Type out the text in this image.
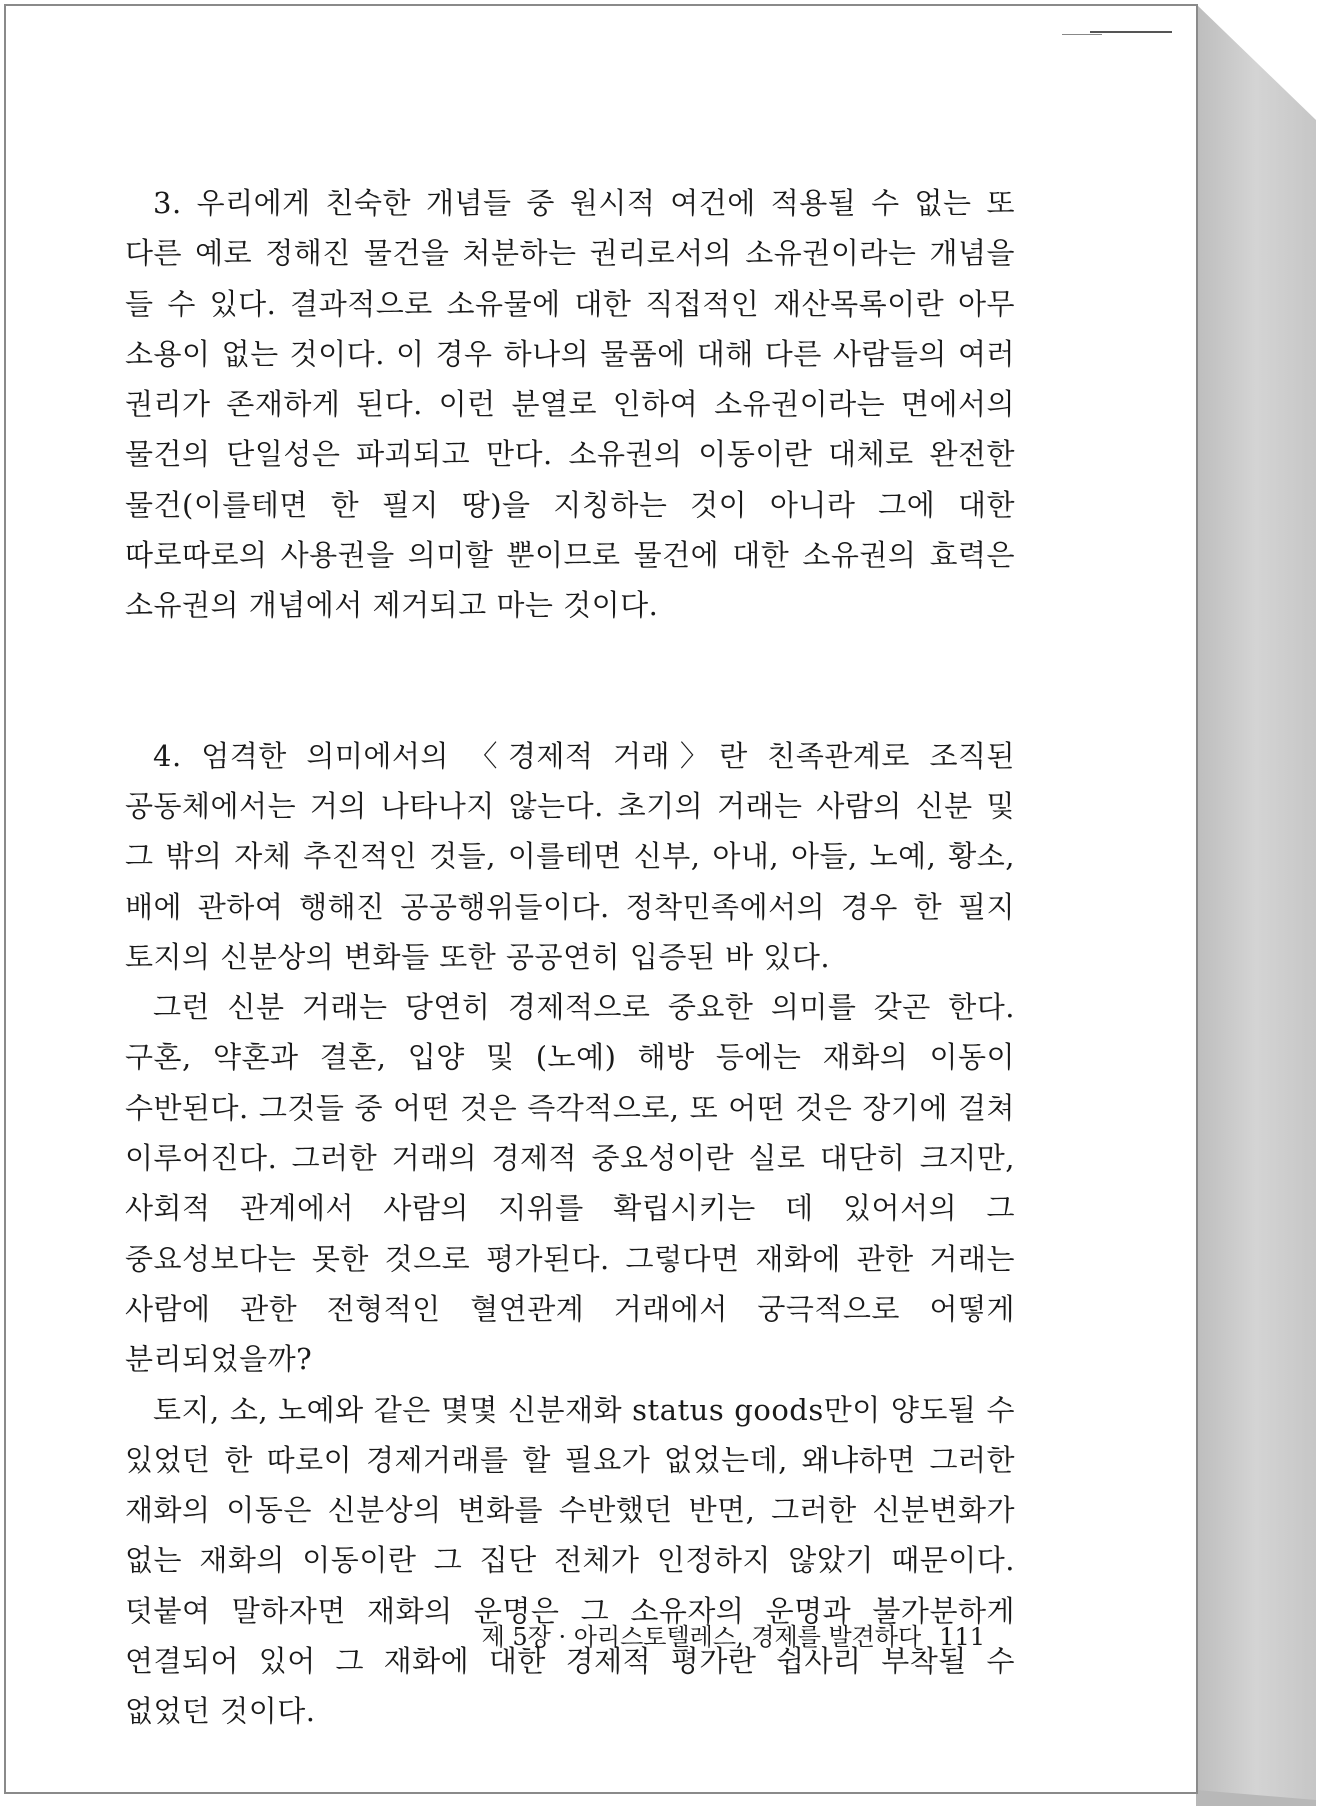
3. 우리에게 친숙한 개념들 중 원시적 여건에 적용될 수 없는 또 다른 예로 정해진 물건을 처분하는 권리로서의 소유권이라는 개념을 들 수 있다. 결과적으로 소유물에 대한 직접적인 재산목록이란 아무 소용이 없는 것이다. 이 경우 하나의 물품에 대해 다른 사람들의 여러 권리가 존재하게 된다. 이런 분열로 인하여 소유권이라는 면에서의 물건의 단일성은 파괴되고 만다. 소유권의 이동이란 대체로 완전한 물건(이를테면 한 필지 땅)을 지칭하는 것이 아니라 그에 대한 따로따로의 사용권을 의미할 뿐이므로 물건에 대한 소유권의 효력은 소유권의 개념에서 제거되고 마는 것이다.

4. 엄격한 의미에서의 〈경제적 거래〉란 친족관계로 조직된 공동체에서는 거의 나타나지 않는다. 초기의 거래는 사람의 신분 및 그 밖의 자체 추진적인 것들, 이를테면 신부, 아내, 아들, 노예, 황소, 배에 관하여 행해진 공공행위들이다. 정착민족에서의 경우 한 필지 토지의 신분상의 변화들 또한 공공연히 입증된 바 있다.

그런 신분 거래는 당연히 경제적으로 중요한 의미를 갖곤 한다. 구혼, 약혼과 결혼, 입양 및 (노예) 해방 등에는 재화의 이동이 수반된다. 그것들 중 어떤 것은 즉각적으로, 또 어떤 것은 장기에 걸쳐 이루어진다. 그러한 거래의 경제적 중요성이란 실로 대단히 크지만, 사회적 관계에서 사람의 지위를 확립시키는 데 있어서의 그 중요성보다는 못한 것으로 평가된다. 그렇다면 재화에 관한 거래는 사람에 관한 전형적인 혈연관계 거래에서 궁극적으로 어떻게 분리되었을까?

토지, 소, 노예와 같은 몇몇 신분재화 status goods만이 양도될 수 있었던 한 따로이 경제거래를 할 필요가 없었는데, 왜냐하면 그러한 재화의 이동은 신분상의 변화를 수반했던 반면, 그러한 신분변화가 없는 재화의 이동이란 그 집단 전체가 인정하지 않았기 때문이다. 덧붙여 말하자면 재화의 운명은 그 소유자의 운명과 불가분하게 연결되어 있어 그 재화에 대한 경제적 평가란 쉽사리 부착될 수 없었던 것이다.

제 5장 · 아리스토텔레스, 경제를 발견하다 111
